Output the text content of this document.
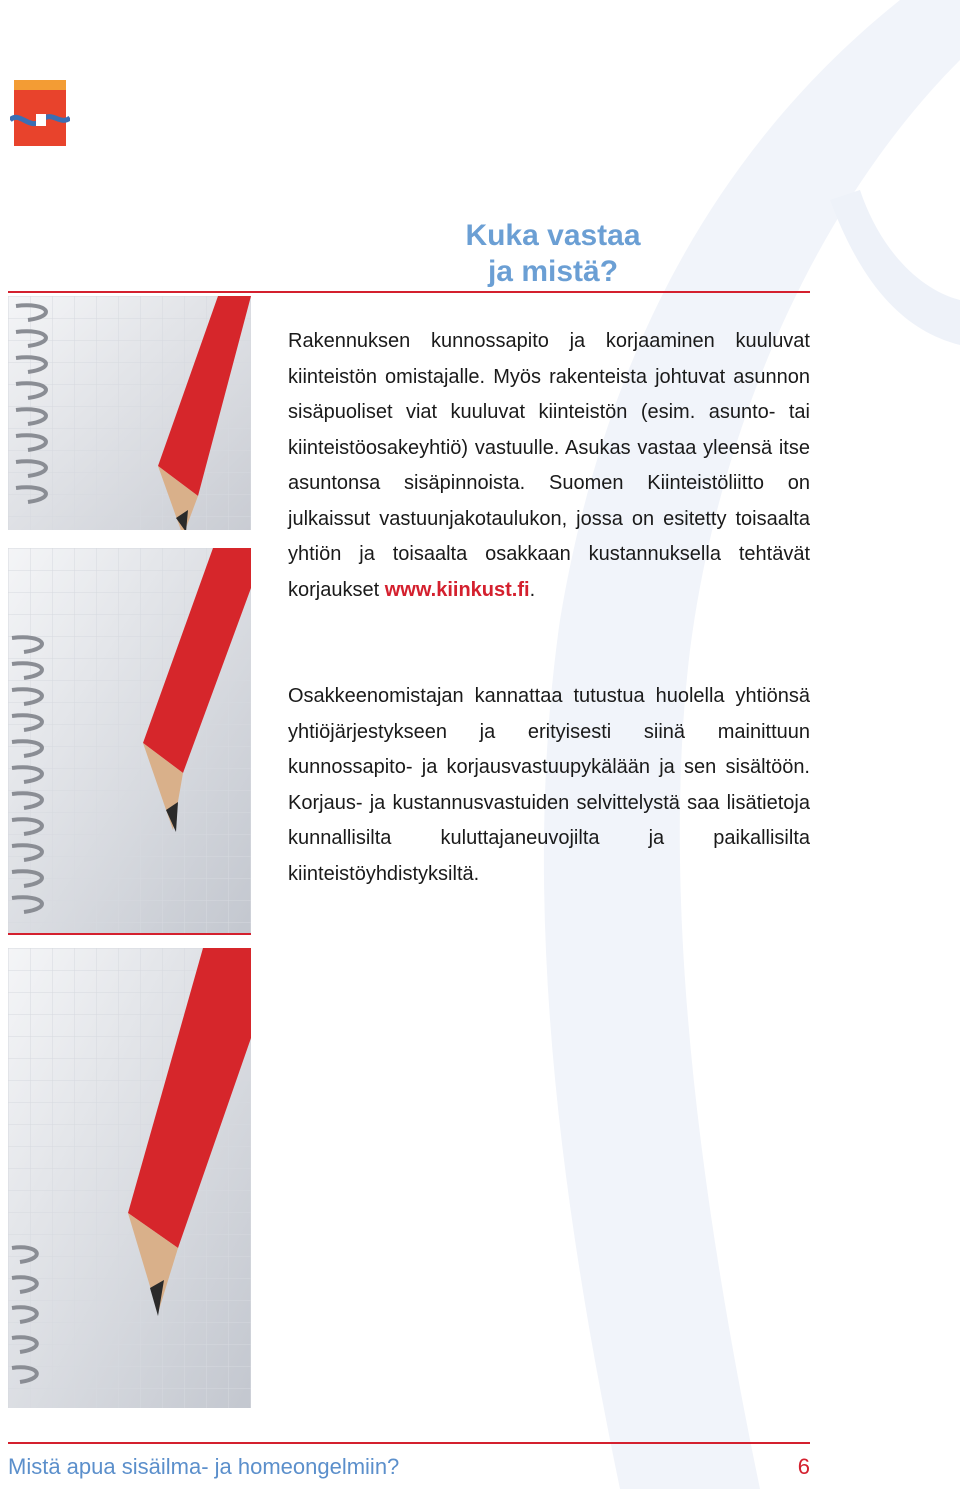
Kuka vastaa
ja mistä?

Rakennuksen kunnossapito ja korjaaminen kuuluvat kiinteistön omistajalle. Myös rakenteista johtuvat asunnon sisäpuoliset viat kuuluvat kiinteistön (esim. asunto- tai kiinteistöosakeyhtiö) vastuulle. Asukas vastaa yleensä itse asuntonsa sisäpinnoista. Suomen Kiinteistöliitto on julkaissut vastuunjakotaulukon, jossa on esitetty toisaalta yhtiön ja toisaalta osakkaan kustannuksella tehtävät korjaukset www.kiinkust.fi.

Osakkeenomistajan kannattaa tutustua huolella yhtiönsä yhtiöjärjestykseen ja erityisesti siinä mainittuun kunnossapito- ja korjausvastuupykälään ja sen sisältöön. Korjaus- ja kustannusvastuiden selvittelystä saa lisätietoja kunnallisilta kuluttajaneuvojilta ja paikallisilta kiinteistöyhdistyksiltä.

Mistä apua sisäilma- ja homeongelmiin?	6
